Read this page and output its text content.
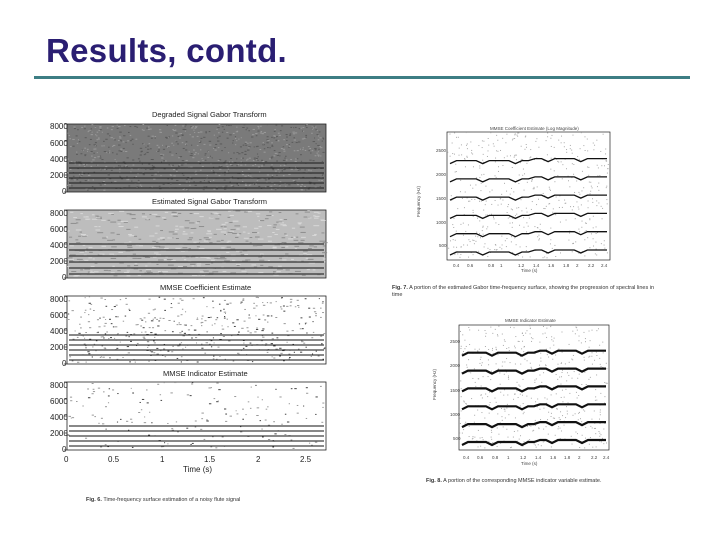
Results, contd.
Degraded Signal Gabor Transform
Estimated Signal Gabor Transform
MMSE Coefficient Estimate
MMSE Indicator Estimate
8000
6000
4000
2000
0
8000
6000
4000
2000
0
8000
6000
4000
2000
0
8000
6000
4000
2000
0
0	0.5	1	1.5	2	2.5
Time (s)
Fig. 6. Time-frequency surface estimation of a noisy flute signal
MMSE Coefficient Estimate (Log Magnitude)
Frequency (Hz)
2500
2000
1500
1000
500
0.4 0.6	0.8 1	1.2 1.4 1.6 1.8 2 2.2 2.4
Time (s)
Fig. 7. A portion of the estimated Gabor time-frequency surface, showing the progression of spectral lines in time
MMSE Indicator Estimate
Frequency (Hz)
2500
2000
1500
1000
500
0.4 0.6 0.8 1 1.2 1.4 1.6 1.8 2 2.2 2.4
Time (s)
Fig. 8. A portion of the corresponding MMSE indicator variable estimate.
